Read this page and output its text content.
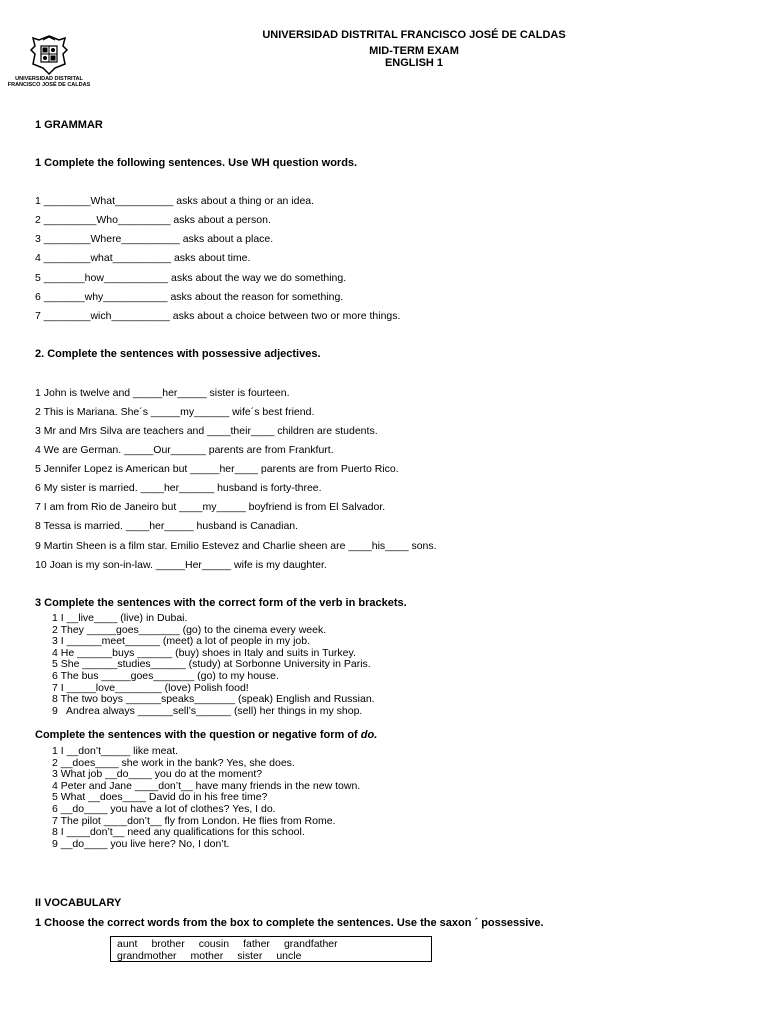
UNIVERSIDAD DISTRITAL
FRANCISCO JOSÉ DE CALDAS
UNIVERSIDAD DISTRITAL FRANCISCO JOSÉ DE CALDAS
MID-TERM EXAM
ENGLISH 1
1 GRAMMAR
1 Complete the following sentences. Use WH question words.
1 ________What__________ asks about a thing or an idea.
2 _________Who_________ asks about a person.
3 ________Where__________ asks about a place.
4 ________what__________ asks about time.
5 _______how___________ asks about the way we do something.
6 _______why___________ asks about the reason for something.
7 ________wich__________ asks about a choice between two or more things.
2. Complete the sentences with possessive adjectives.
1 John is twelve and _____her_____ sister is fourteen.
2 This is Mariana. She´s _____my______ wife´s best friend.
3 Mr and Mrs Silva are teachers and ____their____ children are students.
4 We are German. _____Our______ parents are from Frankfurt.
5 Jennifer Lopez is American but _____her____ parents are from Puerto Rico.
6 My sister is married. ____her______ husband is forty-three.
7 I am from Rio de Janeiro but ____my_____ boyfriend is from El Salvador.
8 Tessa is married. ____her_____ husband is Canadian.
9 Martin Sheen is a film star. Emilio Estevez and Charlie sheen are ____his____ sons.
10 Joan is my son-in-law. _____Her_____ wife is my daughter.
3 Complete the sentences with the correct form of the verb in brackets.
1 I __live____ (live) in Dubai.
2 They _____goes_______ (go) to the cinema every week.
3 I ______meet______ (meet) a lot of people in my job.
4 He ______buys ______ (buy) shoes in Italy and suits in Turkey.
5 She ______studies______ (study) at Sorbonne University in Paris.
6 The bus _____goes_______ (go) to my house.
7 I _____love________ (love) Polish food!
8 The two boys ______speaks_______ (speak) English and Russian.
9   Andrea always ______sell’s______ (sell) her things in my shop.
Complete the sentences with the question or negative form of do.
1 I __don’t_____ like meat.
2 __does____ she work in the bank? Yes, she does.
3 What job __do____ you do at the moment?
4 Peter and Jane ____don’t__ have many friends in the new town.
5 What __does____ David do in his free time?
6 __do____ you have a lot of clothes? Yes, I do.
7 The pilot ____don’t__ fly from London. He flies from Rome.
8 I ____don’t__ need any qualifications for this school.
9 __do____ you live here? No, I don’t.
II VOCABULARY
1 Choose the correct words from the box to complete the sentences. Use the saxon ´ possessive.
aunt brother cousin father grandfather
grandmother mother sister uncle
